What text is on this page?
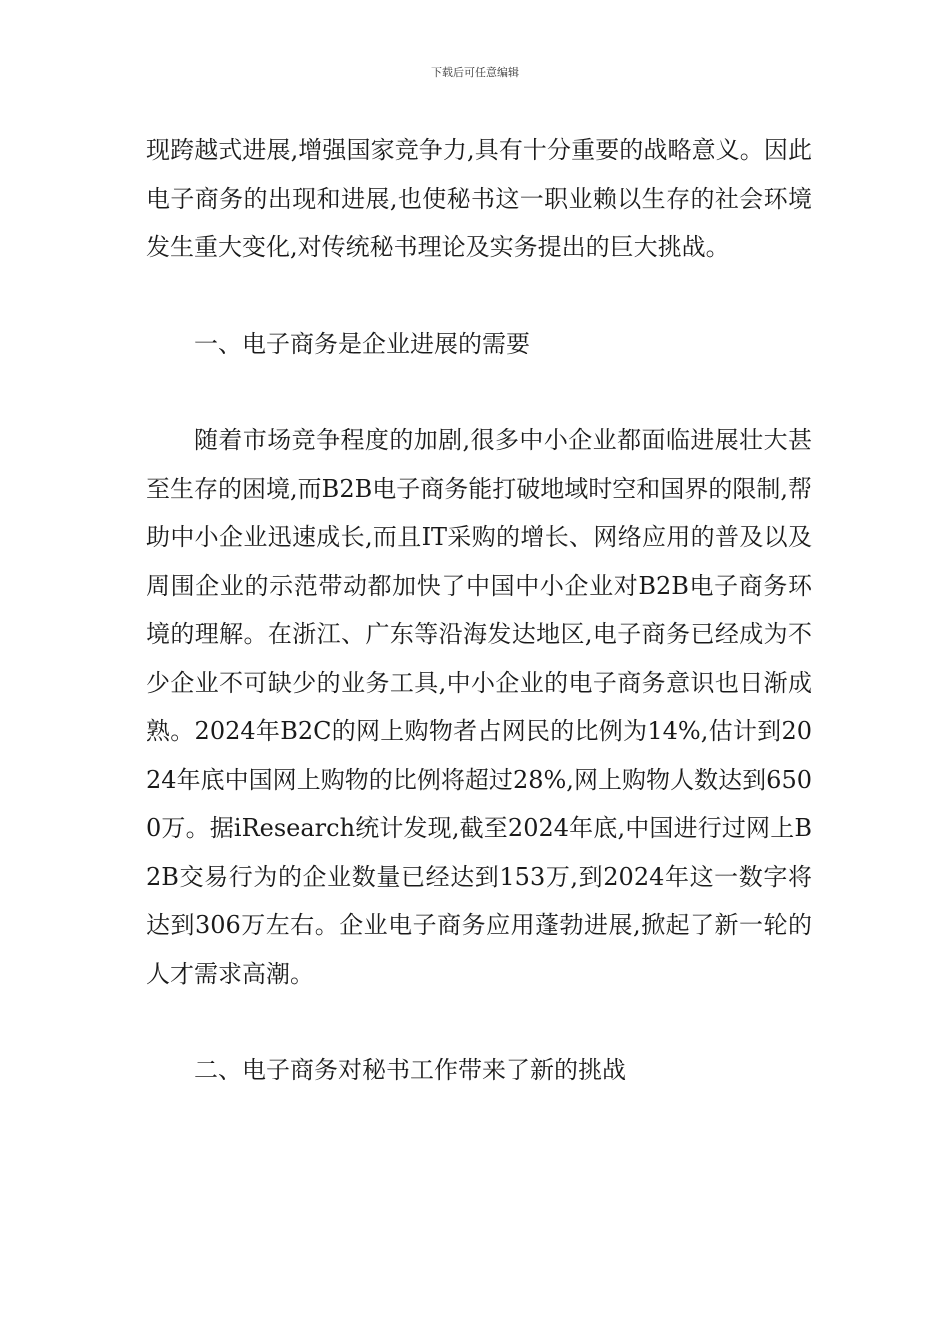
下载后可任意编辑

现跨越式进展,增强国家竞争力,具有十分重要的战略意义。因此电子商务的出现和进展,也使秘书这一职业赖以生存的社会环境发生重大变化,对传统秘书理论及实务提出的巨大挑战。

一、电子商务是企业进展的需要

随着市场竞争程度的加剧,很多中小企业都面临进展壮大甚至生存的困境,而B2B电子商务能打破地域时空和国界的限制,帮助中小企业迅速成长,而且IT采购的增长、网络应用的普及以及周围企业的示范带动都加快了中国中小企业对B2B电子商务环境的理解。在浙江、广东等沿海发达地区,电子商务已经成为不少企业不可缺少的业务工具,中小企业的电子商务意识也日渐成熟。2024年B2C的网上购物者占网民的比例为14%,估计到2024年底中国网上购物的比例将超过28%,网上购物人数达到6500万。据iResearch统计发现,截至2024年底,中国进行过网上B2B交易行为的企业数量已经达到153万,到2024年这一数字将达到306万左右。企业电子商务应用蓬勃进展,掀起了新一轮的人才需求高潮。

二、电子商务对秘书工作带来了新的挑战
